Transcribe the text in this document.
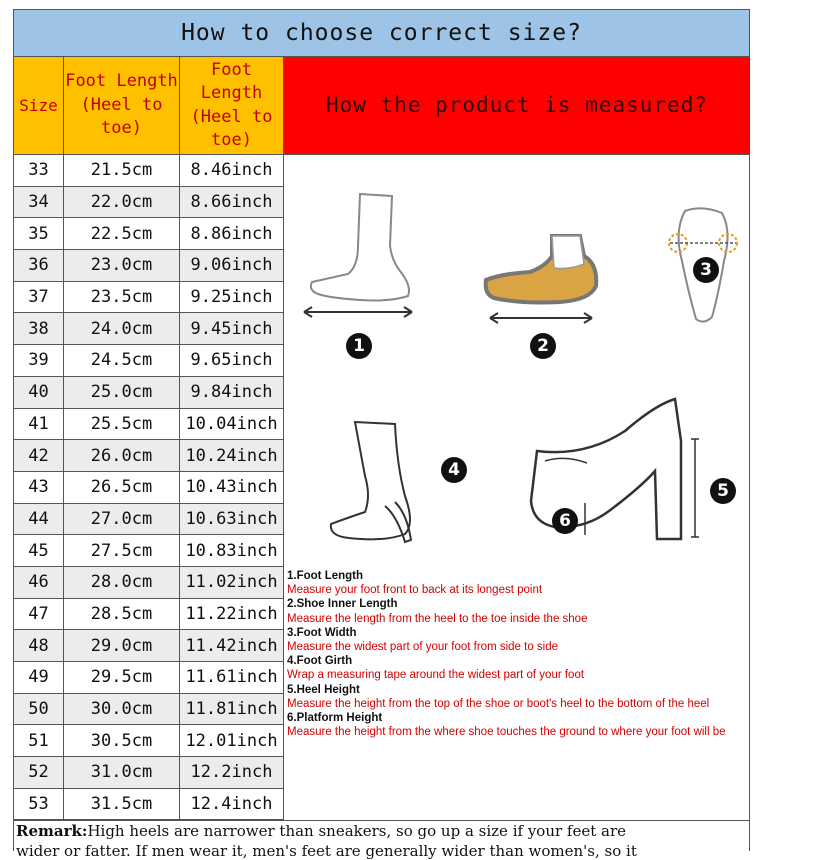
How to choose correct size?
Size
Foot Length (Heel to toe)
Foot Length (Heel to toe)
How the product is measured?
33	21.5cm	8.46inch
34	22.0cm	8.66inch
35	22.5cm	8.86inch
36	23.0cm	9.06inch
37	23.5cm	9.25inch
38	24.0cm	9.45inch
39	24.5cm	9.65inch
40	25.0cm	9.84inch
41	25.5cm	10.04inch
42	26.0cm	10.24inch
43	26.5cm	10.43inch
44	27.0cm	10.63inch
45	27.5cm	10.83inch
46	28.0cm	11.02inch
47	28.5cm	11.22inch
48	29.0cm	11.42inch
49	29.5cm	11.61inch
50	30.0cm	11.81inch
51	30.5cm	12.01inch
52	31.0cm	12.2inch
53	31.5cm	12.4inch
1	2
3
4
5
6
Remark:High heels are narrower than sneakers, so go up a size if your feet are
wider or fatter. If men wear it, men's feet are generally wider than women's, so it
1.Foot Length
Measure your foot front to back at its longest point
2.Shoe Inner Length
Measure the length from the heel to the toe inside the shoe
3.Foot Width
Measure the widest part of your foot from side to side
4.Foot Girth
Wrap a measuring tape around the widest part of your foot
5.Heel Height
Measure the height from the top of the shoe or boot's heel to the bottom of the heel
6.Platform Height
Measure the height from the where shoe touches the ground to where your foot will be
